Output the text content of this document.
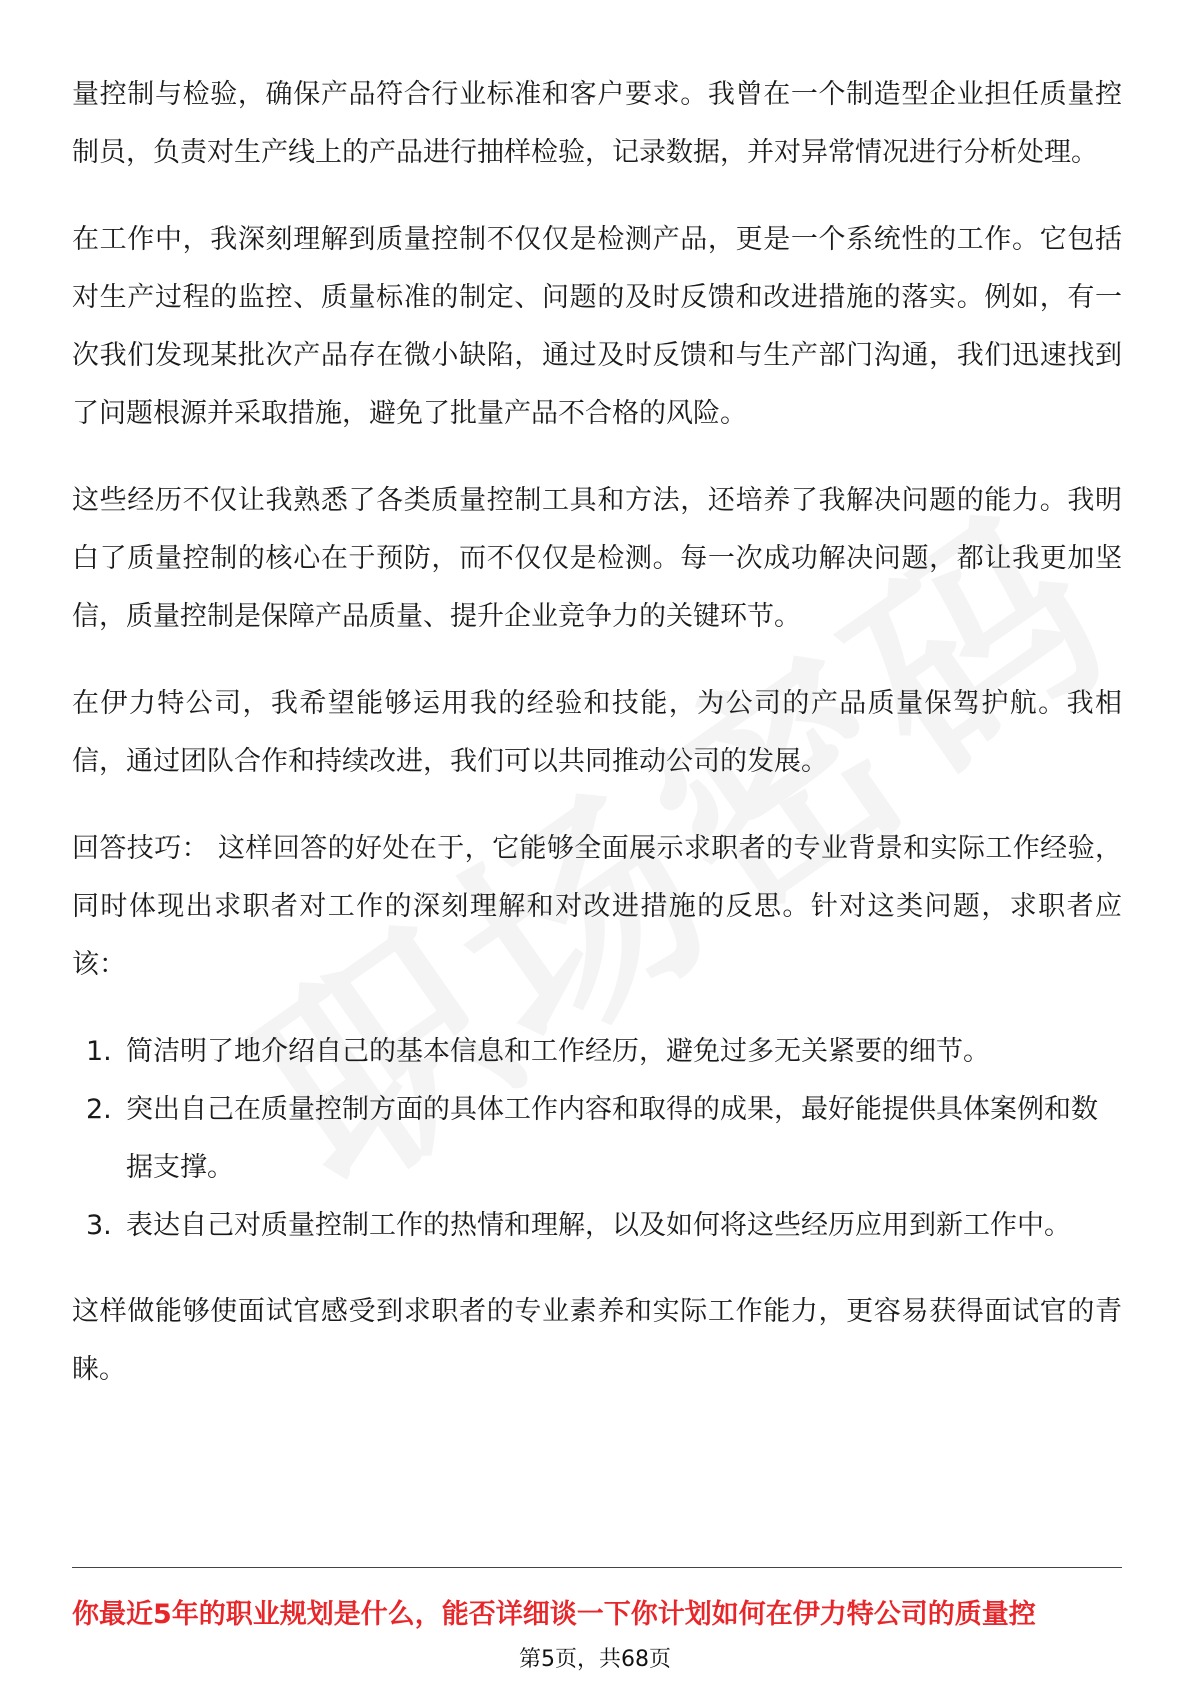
量控制与检验，确保产品符合行业标准和客户要求。我曾在一个制造型企业担任质量控制员，负责对生产线上的产品进行抽样检验，记录数据，并对异常情况进行分析处理。

在工作中，我深刻理解到质量控制不仅仅是检测产品，更是一个系统性的工作。它包括对生产过程的监控、质量标准的制定、问题的及时反馈和改进措施的落实。例如，有一次我们发现某批次产品存在微小缺陷，通过及时反馈和与生产部门沟通，我们迅速找到了问题根源并采取措施，避免了批量产品不合格的风险。

这些经历不仅让我熟悉了各类质量控制工具和方法，还培养了我解决问题的能力。我明白了质量控制的核心在于预防，而不仅仅是检测。每一次成功解决问题，都让我更加坚信，质量控制是保障产品质量、提升企业竞争力的关键环节。

在伊力特公司，我希望能够运用我的经验和技能，为公司的产品质量保驾护航。我相信，通过团队合作和持续改进，我们可以共同推动公司的发展。

回答技巧： 这样回答的好处在于，它能够全面展示求职者的专业背景和实际工作经验，同时体现出求职者对工作的深刻理解和对改进措施的反思。针对这类问题，求职者应该：

1. 简洁明了地介绍自己的基本信息和工作经历，避免过多无关紧要的细节。
2. 突出自己在质量控制方面的具体工作内容和取得的成果，最好能提供具体案例和数据支撑。
3. 表达自己对质量控制工作的热情和理解，以及如何将这些经历应用到新工作中。

这样做能够使面试官感受到求职者的专业素养和实际工作能力，更容易获得面试官的青睐。

你最近5年的职业规划是什么，能否详细谈一下你计划如何在伊力特公司的质量控
第5页，共68页
